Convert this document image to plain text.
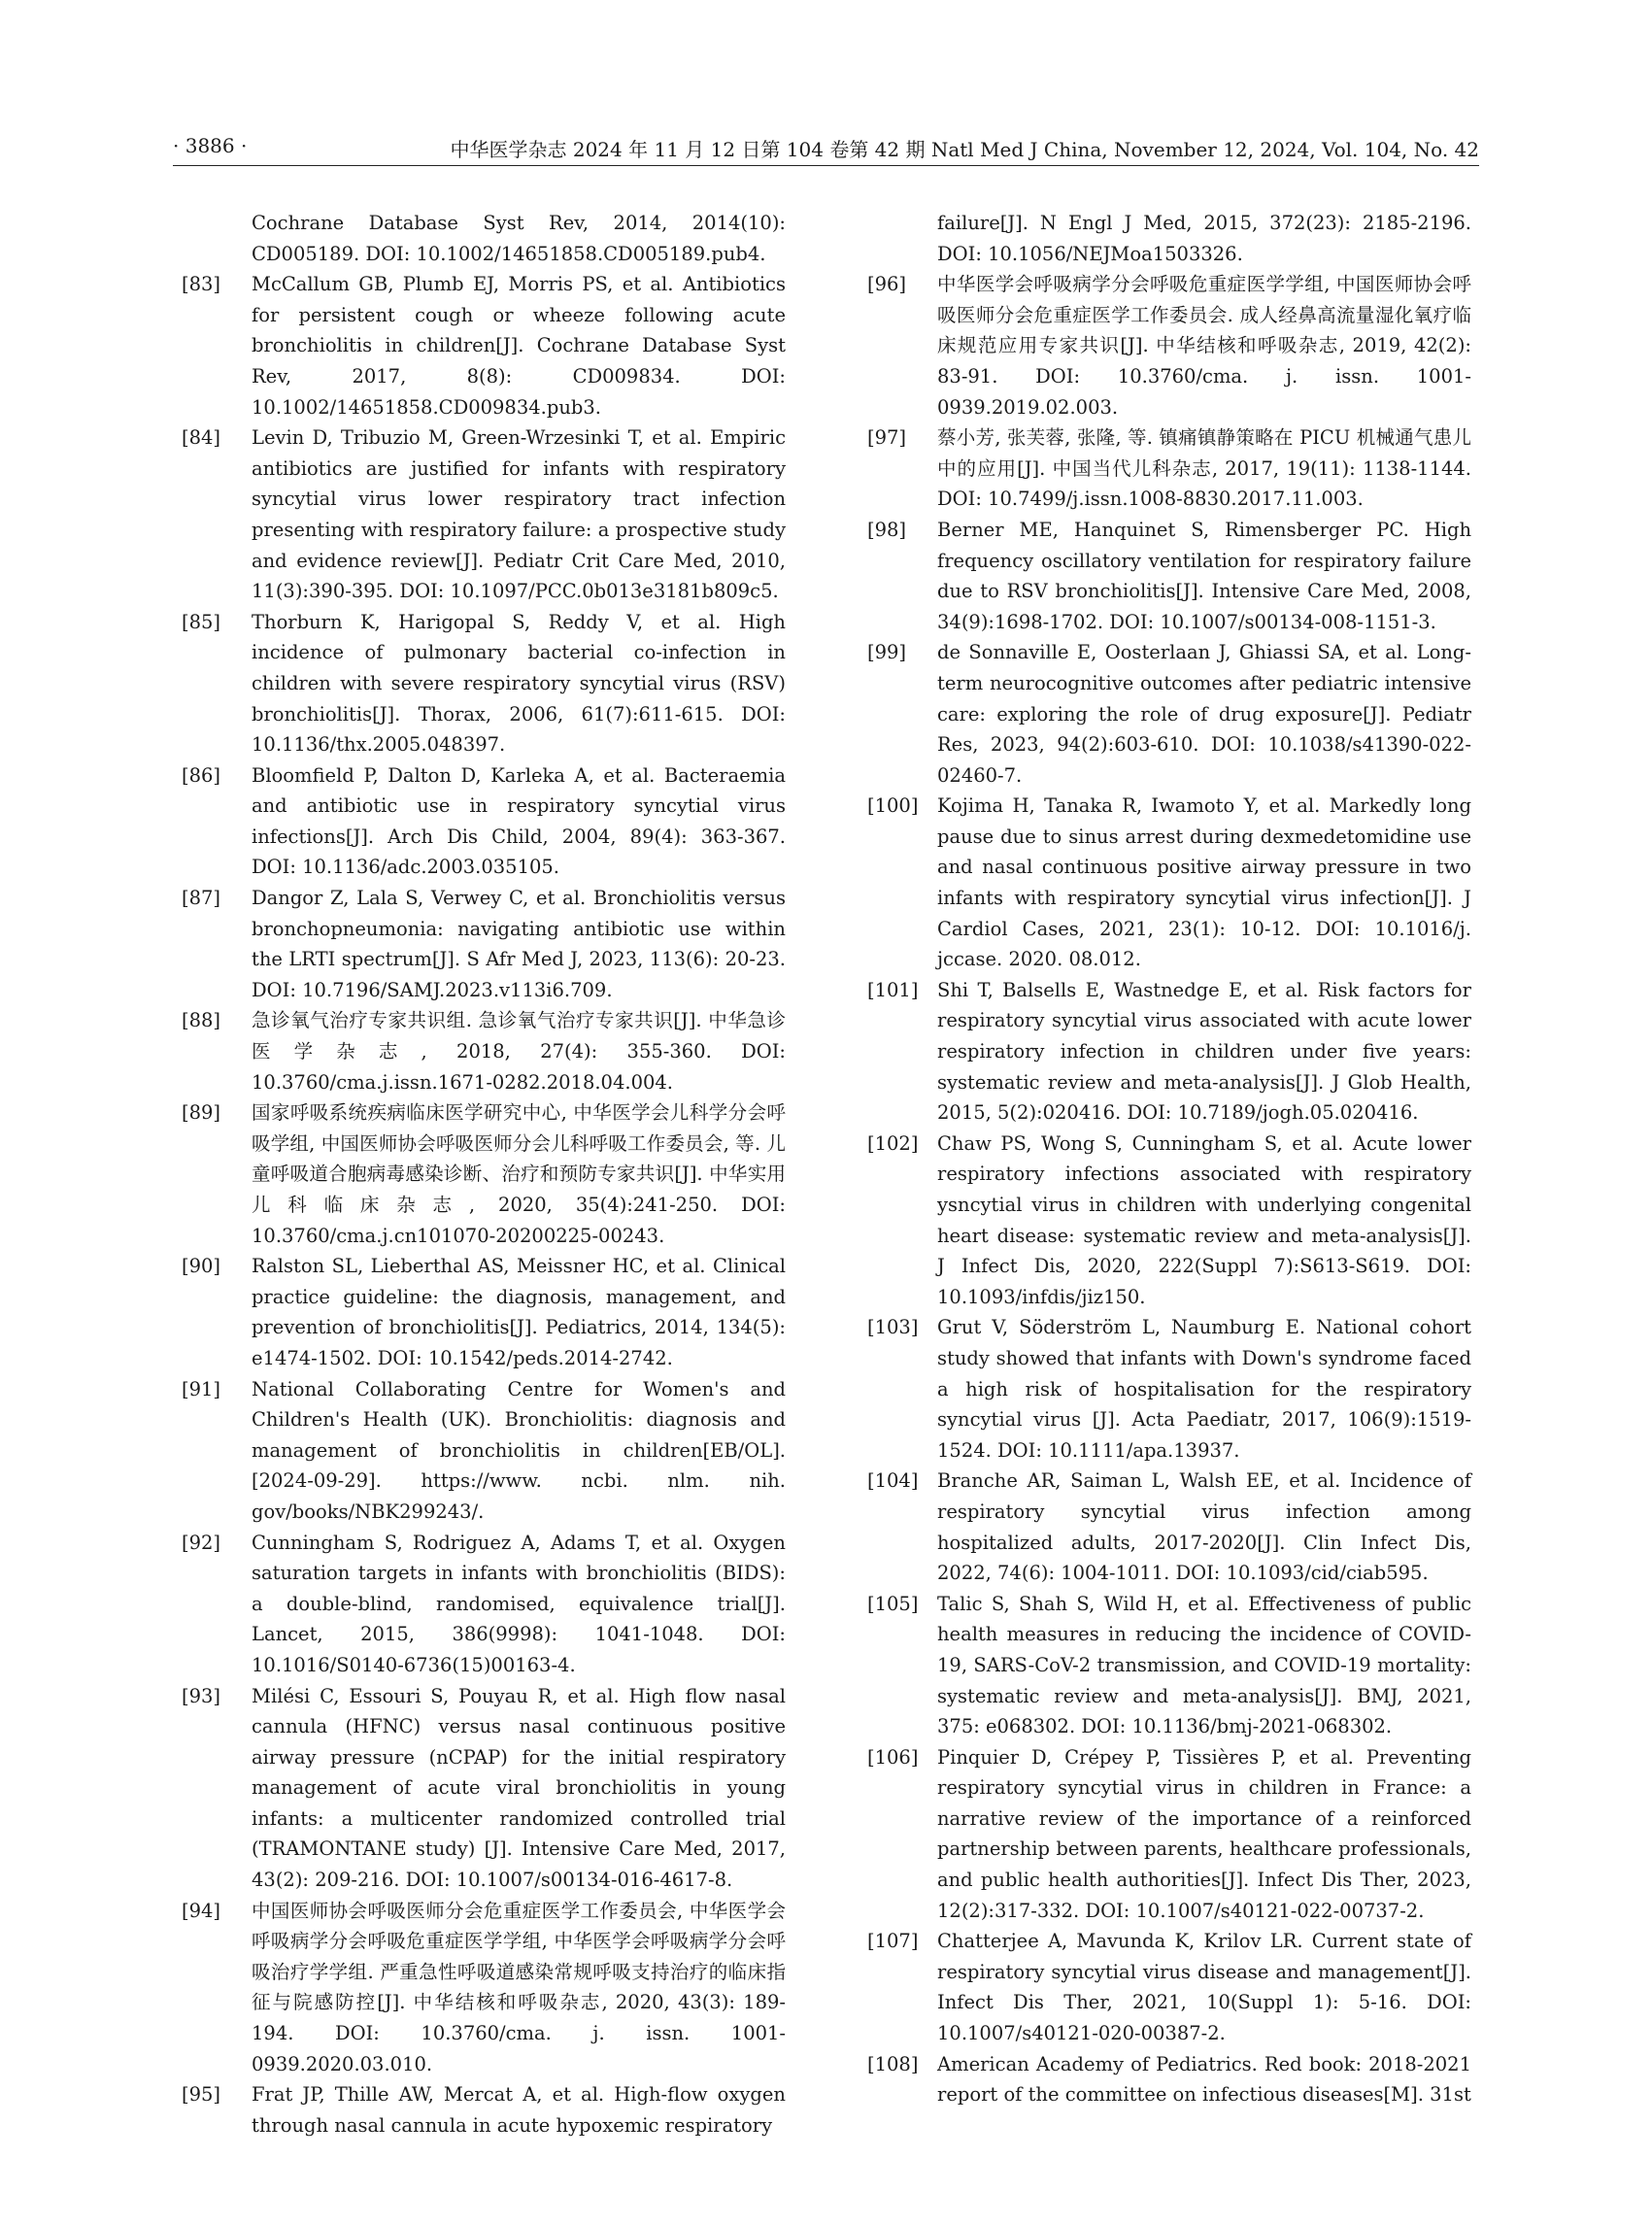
· 3886 ·	中华医学杂志 2024 年 11 月 12 日第 104 卷第 42 期 Natl Med J China, November 12, 2024, Vol. 104, No. 42
Cochrane Database Syst Rev, 2014, 2014(10): CD005189. DOI: 10.1002/14651858.CD005189.pub4.
[83] McCallum GB, Plumb EJ, Morris PS, et al. Antibiotics for persistent cough or wheeze following acute bronchiolitis in children[J]. Cochrane Database Syst Rev, 2017, 8(8): CD009834. DOI: 10.1002/14651858.CD009834.pub3.
[84] Levin D, Tribuzio M, Green-Wrzesinki T, et al. Empiric antibiotics are justified for infants with respiratory syncytial virus lower respiratory tract infection presenting with respiratory failure: a prospective study and evidence review[J]. Pediatr Crit Care Med, 2010, 11(3):390-395. DOI: 10.1097/PCC.0b013e3181b809c5.
[85] Thorburn K, Harigopal S, Reddy V, et al. High incidence of pulmonary bacterial co-infection in children with severe respiratory syncytial virus (RSV) bronchiolitis[J]. Thorax, 2006, 61(7):611-615. DOI: 10.1136/thx.2005.048397.
[86] Bloomfield P, Dalton D, Karleka A, et al. Bacteraemia and antibiotic use in respiratory syncytial virus infections[J]. Arch Dis Child, 2004, 89(4): 363-367. DOI: 10.1136/adc.2003.035105.
[87] Dangor Z, Lala S, Verwey C, et al. Bronchiolitis versus bronchopneumonia: navigating antibiotic use within the LRTI spectrum[J]. S Afr Med J, 2023, 113(6): 20-23. DOI: 10.7196/SAMJ.2023.v113i6.709.
[88] 急诊氧气治疗专家共识组. 急诊氧气治疗专家共识[J]. 中华急诊医学杂志, 2018, 27(4): 355-360. DOI: 10.3760/cma.j.issn.1671-0282.2018.04.004.
[89] 国家呼吸系统疾病临床医学研究中心, 中华医学会儿科学分会呼吸学组, 中国医师协会呼吸医师分会儿科呼吸工作委员会, 等. 儿童呼吸道合胞病毒感染诊断、治疗和预防专家共识[J]. 中华实用儿科临床杂志, 2020, 35(4):241-250. DOI: 10.3760/cma.j.cn101070-20200225-00243.
[90] Ralston SL, Lieberthal AS, Meissner HC, et al. Clinical practice guideline: the diagnosis, management, and prevention of bronchiolitis[J]. Pediatrics, 2014, 134(5): e1474-1502. DOI: 10.1542/peds.2014-2742.
[91] National Collaborating Centre for Women's and Children's Health (UK). Bronchiolitis: diagnosis and management of bronchiolitis in children[EB/OL]. [2024-09-29]. https://www. ncbi. nlm. nih. gov/books/NBK299243/.
[92] Cunningham S, Rodriguez A, Adams T, et al. Oxygen saturation targets in infants with bronchiolitis (BIDS): a double-blind, randomised, equivalence trial[J]. Lancet, 2015, 386(9998): 1041-1048. DOI: 10.1016/S0140-6736(15)00163-4.
[93] Milési C, Essouri S, Pouyau R, et al. High flow nasal cannula (HFNC) versus nasal continuous positive airway pressure (nCPAP) for the initial respiratory management of acute viral bronchiolitis in young infants: a multicenter randomized controlled trial (TRAMONTANE study) [J]. Intensive Care Med, 2017, 43(2): 209-216. DOI: 10.1007/s00134-016-4617-8.
[94] 中国医师协会呼吸医师分会危重症医学工作委员会, 中华医学会呼吸病学分会呼吸危重症医学学组, 中华医学会呼吸病学分会呼吸治疗学学组. 严重急性呼吸道感染常规呼吸支持治疗的临床指征与院感防控[J]. 中华结核和呼吸杂志, 2020, 43(3): 189-194. DOI: 10.3760/cma. j. issn. 1001-0939.2020.03.010.
[95] Frat JP, Thille AW, Mercat A, et al. High-flow oxygen through nasal cannula in acute hypoxemic respiratory
failure[J]. N Engl J Med, 2015, 372(23): 2185-2196. DOI: 10.1056/NEJMoa1503326.
[96] 中华医学会呼吸病学分会呼吸危重症医学学组, 中国医师协会呼吸医师分会危重症医学工作委员会. 成人经鼻高流量湿化氧疗临床规范应用专家共识[J]. 中华结核和呼吸杂志, 2019, 42(2): 83-91. DOI: 10.3760/cma. j. issn. 1001-0939.2019.02.003.
[97] 蔡小芳, 张芙蓉, 张隆, 等. 镇痛镇静策略在 PICU 机械通气患儿中的应用[J]. 中国当代儿科杂志, 2017, 19(11): 1138-1144. DOI: 10.7499/j.issn.1008-8830.2017.11.003.
[98] Berner ME, Hanquinet S, Rimensberger PC. High frequency oscillatory ventilation for respiratory failure due to RSV bronchiolitis[J]. Intensive Care Med, 2008, 34(9):1698-1702. DOI: 10.1007/s00134-008-1151-3.
[99] de Sonnaville E, Oosterlaan J, Ghiassi SA, et al. Long-term neurocognitive outcomes after pediatric intensive care: exploring the role of drug exposure[J]. Pediatr Res, 2023, 94(2):603-610. DOI: 10.1038/s41390-022-02460-7.
[100] Kojima H, Tanaka R, Iwamoto Y, et al. Markedly long pause due to sinus arrest during dexmedetomidine use and nasal continuous positive airway pressure in two infants with respiratory syncytial virus infection[J]. J Cardiol Cases, 2021, 23(1): 10-12. DOI: 10.1016/j. jccase. 2020. 08.012.
[101] Shi T, Balsells E, Wastnedge E, et al. Risk factors for respiratory syncytial virus associated with acute lower respiratory infection in children under five years: systematic review and meta-analysis[J]. J Glob Health, 2015, 5(2):020416. DOI: 10.7189/jogh.05.020416.
[102] Chaw PS, Wong S, Cunningham S, et al. Acute lower respiratory infections associated with respiratory ysncytial virus in children with underlying congenital heart disease: systematic review and meta-analysis[J]. J Infect Dis, 2020, 222(Suppl 7):S613-S619. DOI: 10.1093/infdis/jiz150.
[103] Grut V, Söderström L, Naumburg E. National cohort study showed that infants with Down's syndrome faced a high risk of hospitalisation for the respiratory syncytial virus [J]. Acta Paediatr, 2017, 106(9):1519-1524. DOI: 10.1111/apa.13937.
[104] Branche AR, Saiman L, Walsh EE, et al. Incidence of respiratory syncytial virus infection among hospitalized adults, 2017-2020[J]. Clin Infect Dis, 2022, 74(6): 1004-1011. DOI: 10.1093/cid/ciab595.
[105] Talic S, Shah S, Wild H, et al. Effectiveness of public health measures in reducing the incidence of COVID-19, SARS-CoV-2 transmission, and COVID-19 mortality: systematic review and meta-analysis[J]. BMJ, 2021, 375: e068302. DOI: 10.1136/bmj-2021-068302.
[106] Pinquier D, Crépey P, Tissières P, et al. Preventing respiratory syncytial virus in children in France: a narrative review of the importance of a reinforced partnership between parents, healthcare professionals, and public health authorities[J]. Infect Dis Ther, 2023, 12(2):317-332. DOI: 10.1007/s40121-022-00737-2.
[107] Chatterjee A, Mavunda K, Krilov LR. Current state of respiratory syncytial virus disease and management[J]. Infect Dis Ther, 2021, 10(Suppl 1): 5-16. DOI: 10.1007/s40121-020-00387-2.
[108] American Academy of Pediatrics. Red book: 2018-2021 report of the committee on infectious diseases[M]. 31st
